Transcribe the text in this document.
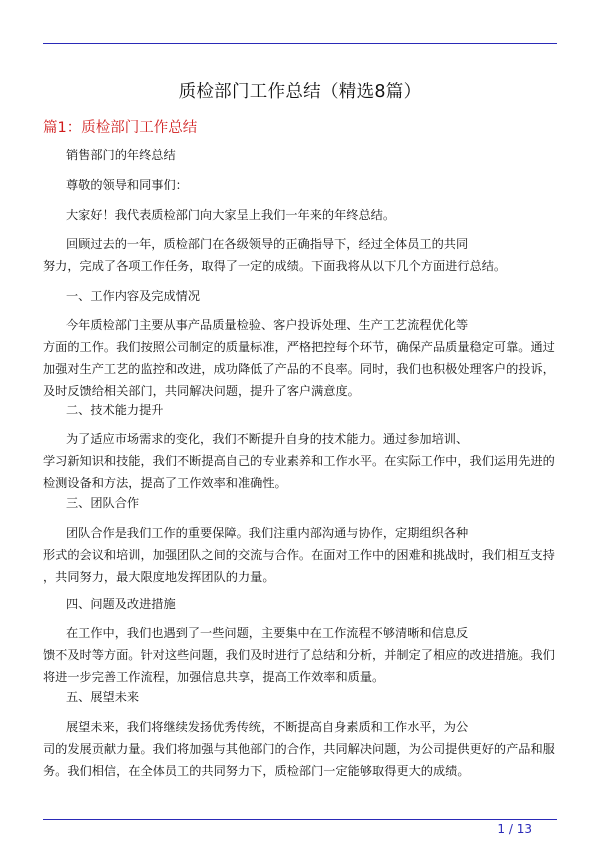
质检部门工作总结（精选8篇）
篇1：质检部门工作总结
销售部门的年终总结
尊敬的领导和同事们：
大家好！我代表质检部门向大家呈上我们一年来的年终总结。
回顾过去的一年，质检部门在各级领导的正确指导下，经过全体员工的共同
努力，完成了各项工作任务，取得了一定的成绩。下面我将从以下几个方面进行总结。
一、工作内容及完成情况
今年质检部门主要从事产品质量检验、客户投诉处理、生产工艺流程优化等
方面的工作。我们按照公司制定的质量标准，严格把控每个环节，确保产品质量稳定可靠。通过
加强对生产工艺的监控和改进，成功降低了产品的不良率。同时，我们也积极处理客户的投诉，
及时反馈给相关部门，共同解决问题，提升了客户满意度。
二、技术能力提升
为了适应市场需求的变化，我们不断提升自身的技术能力。通过参加培训、
学习新知识和技能，我们不断提高自己的专业素养和工作水平。在实际工作中，我们运用先进的
检测设备和方法，提高了工作效率和准确性。
三、团队合作
团队合作是我们工作的重要保障。我们注重内部沟通与协作，定期组织各种
形式的会议和培训，加强团队之间的交流与合作。在面对工作中的困难和挑战时，我们相互支持
，共同努力，最大限度地发挥团队的力量。
四、问题及改进措施
在工作中，我们也遇到了一些问题，主要集中在工作流程不够清晰和信息反
馈不及时等方面。针对这些问题，我们及时进行了总结和分析，并制定了相应的改进措施。我们
将进一步完善工作流程，加强信息共享，提高工作效率和质量。
五、展望未来
展望未来，我们将继续发扬优秀传统，不断提高自身素质和工作水平，为公
司的发展贡献力量。我们将加强与其他部门的合作，共同解决问题，为公司提供更好的产品和服
务。我们相信，在全体员工的共同努力下，质检部门一定能够取得更大的成绩。
1 / 13
